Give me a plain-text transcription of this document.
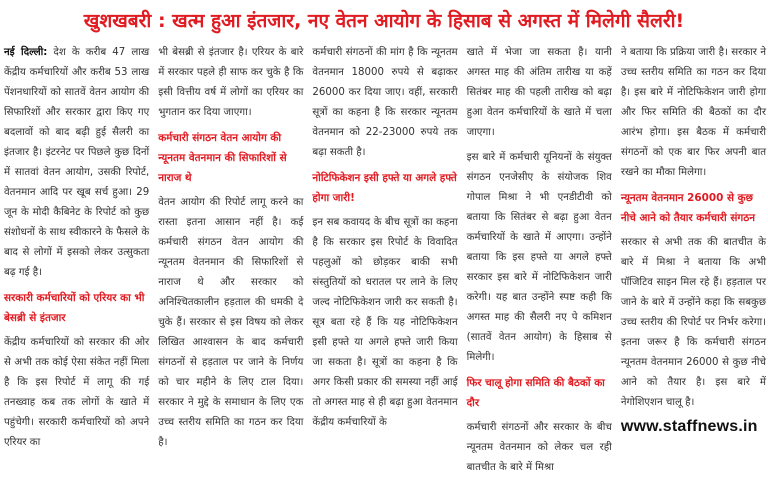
खुशखबरी : खत्म हुआ इंतजार, नए वेतन आयोग के हिसाब से अगस्त में मिलेगी सैलरी!

नई दिल्ली: देश के करीब 47 लाख केंद्रीय कर्मचारियों और करीब 53 लाख पेंशनधारियों को सातवें वेतन आयोग की सिफारिशों और सरकार द्वारा किए गए बदलावों को बाद बढ़ी हुई सैलरी का इंतजार है। इंटरनेट पर पिछले कुछ दिनों में सातवां वेतन आयोग, उसकी रिपोर्ट, वेतनमान आदि पर खूब सर्च हुआ। 29 जून के मोदी कैबिनेट के रिपोर्ट को कुछ संशोधनों के साथ स्वीकारने के फैसले के बाद से लोगों में इसको लेकर उत्सुकता बढ़ गई है।

सरकारी कर्मचारियों को एरियर का भी बेसब्री से इंतजार

केंद्रीय कर्मचारियों को सरकार की ओर से अभी तक कोई ऐसा संकेत नहीं मिला है कि इस रिपोर्ट में लागू की गई तनख्वाह कब तक लोगों के खाते में पहुंचेगी। सरकारी कर्मचारियों को अपने एरियर का

भी बेसब्री से इंतजार है। एरियर के बारे में सरकार पहले ही साफ कर चुके है कि इसी वित्तीय वर्ष में लोगों का एरियर का भुगतान कर दिया जाएगा।

कर्मचारी संगठन वेतन आयोग की न्यूनतम वेतनमान की सिफारिशों से नाराज थे

वेतन आयोग की रिपोर्ट लागू करने का रास्ता इतना आसान नहीं है। कई कर्मचारी संगठन वेतन आयोग की न्यूनतम वेतनमान की सिफारिशों से नाराज थे और सरकार को अनिश्चितकालीन हड़ताल की धमकी दे चुके हैं। सरकार से इस विषय को लेकर लिखित आश्वासन के बाद कर्मचारी संगठनों से हड़ताल पर जाने के निर्णय को चार महीने के लिए टाल दिया। सरकार ने मुद्दे के समाधान के लिए एक उच्च स्तरीय समिति का गठन कर दिया है।

कर्मचारी संगठनों की मांग है कि न्यूनतम वेतनमान 18000 रुपये से बढ़ाकर 26000 कर दिया जाए। वहीं, सरकारी सूत्रों का कहना है कि सरकार न्यूनतम वेतनमान को 22-23000 रुपये तक बढ़ा सकती है।

नोटिफिकेशन इसी हफ्ते या अगले हफ्ते होगा जारी!

इन सब कवायद के बीच सूत्रों का कहना है कि सरकार इस रिपोर्ट के विवादित पहलुओं को छोड़कर बाकी सभी संस्तुतियों को धरातल पर लाने के लिए जल्द नोटिफिकेशन जारी कर सकती है। सूत्र बता रहे हैं कि यह नोटिफिकेशन इसी हफ्ते या अगले हफ्ते जारी किया जा सकता है। सूत्रों का कहना है कि अगर किसी प्रकार की समस्या नहीं आई तो अगस्त माह से ही बढ़ा हुआ वेतनमान केंद्रीय कर्मचारियों के

खाते में भेजा जा सकता है। यानी अगस्त माह की अंतिम तारीख या कहें सितंबर माह की पहली तारीख को बढ़ा हुआ वेतन कर्मचारियों के खाते में चला जाएगा।

इस बारे में कर्मचारी यूनियनों के संयुक्त संगठन एनजेसीए के संयोजक शिव गोपाल मिश्रा ने भी एनडीटीवी को बताया कि सितंबर से बढ़ा हुआ वेतन कर्मचारियों के खाते में आएगा। उन्होंने बताया कि इस हफ्ते या अगले हफ्ते सरकार इस बारे में नोटिफिकेशन जारी करेगी। यह बात उन्होंने स्पष्ट कही कि अगस्त माह की सैलरी नए पे कमिशन (सातवें वेतन आयोग) के हिसाब से मिलेगी।

फिर चालू होगा समिति की बैठकों का दौर

कर्मचारी संगठनों और सरकार के बीच न्यूनतम वेतनमान को लेकर चल रही बातचीत के बारे में मिश्रा

ने बताया कि प्रक्रिया जारी है। सरकार ने उच्च स्तरीय समिति का गठन कर दिया है। इस बारे में नोटिफिकेशन जारी होगा और फिर समिति की बैठकों का दौर आरंभ होगा। इस बैठक में कर्मचारी संगठनों को एक बार फिर अपनी बात रखने का मौका मिलेगा।

न्यूनतम वेतनमान 26000 से कुछ नीचे आने को तैयार कर्मचारी संगठन

सरकार से अभी तक की बातचीत के बारे में मिश्रा ने बताया कि अभी पॉजिटिव साइन मिल रहे हैं। हड़ताल पर जाने के बारे में उन्होंने कहा कि सबकुछ उच्च स्तरीय की रिपोर्ट पर निर्भर करेगा। इतना जरूर है कि कर्मचारी संगठन न्यूनतम वेतनमान 26000 से कुछ नीचे आने को तैयार है। इस बारे में नेगोशिएशन चालू है।

www.staffnews.in
